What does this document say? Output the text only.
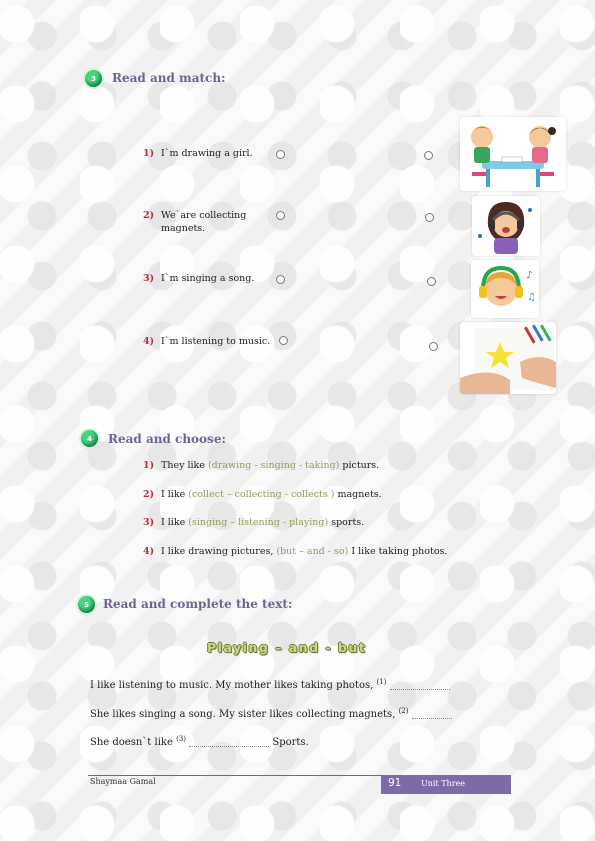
3	Read and match:
1) I`m drawing a girl.
2) We`are collecting
magnets.
3) I`m singing a song.
4) I`m listening to music.
♪
♫
4	Read and choose:
1) They like (drawing - singing - taking) picturs.
2) I like (collect – collecting - collects ) magnets.
3) I like (singing – listening - playing) sports.
4) I like drawing pictures, (but – and - so) I like taking photos.
5	Read and complete the text:
Playing – and - but
I like listening to music. My mother likes taking photos, $^{(1)}$
She likes singing a song. My sister likes collecting magnets, $^{(2)}$
She doesn`t like $^{(3)}$	Sports.
Shaymaa Gamal	91 Unit Three
